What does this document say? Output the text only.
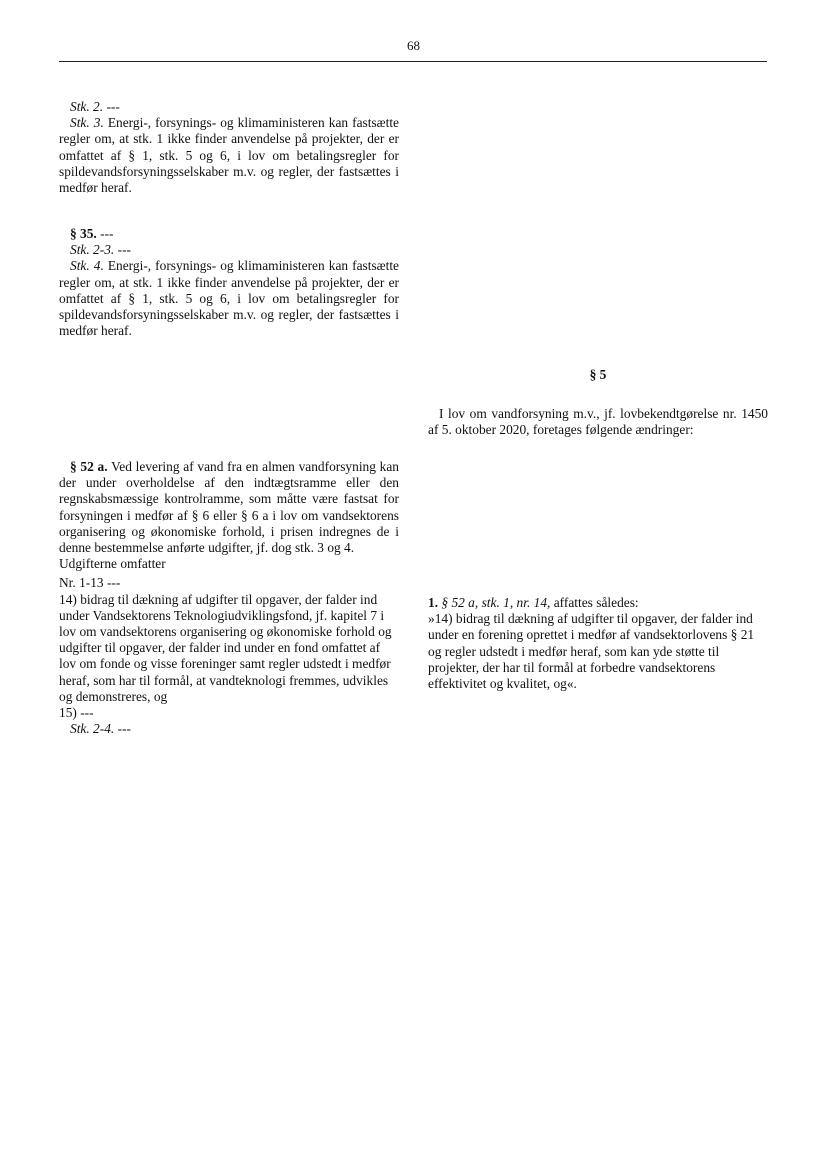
68
Stk. 2. ---
Stk. 3. Energi-, forsynings- og klimaministeren kan fastsætte regler om, at stk. 1 ikke finder anvendelse på projekter, der er omfattet af § 1, stk. 5 og 6, i lov om betalingsregler for spildevandsforsyningsselskaber m.v. og regler, der fastsættes i medfør heraf.
§ 35. ---
Stk. 2-3. ---
Stk. 4. Energi-, forsynings- og klimaministeren kan fastsætte regler om, at stk. 1 ikke finder anvendelse på projekter, der er omfattet af § 1, stk. 5 og 6, i lov om betalingsregler for spildevandsforsyningsselskaber m.v. og regler, der fastsættes i medfør heraf.
§ 52 a. Ved levering af vand fra en almen vandforsyning kan der under overholdelse af den indtægtsramme eller den regnskabsmæssige kontrolramme, som måtte være fastsat for forsyningen i medfør af § 6 eller § 6 a i lov om vandsektorens organisering og økonomiske forhold, i prisen indregnes de i denne bestemmelse anførte udgifter, jf. dog stk. 3 og 4.
Udgifterne omfatter
Nr. 1-13 ---
14) bidrag til dækning af udgifter til opgaver, der falder ind under Vandsektorens Teknologiudviklingsfond, jf. kapitel 7 i lov om vandsektorens organisering og økonomiske forhold og udgifter til opgaver, der falder ind under en fond omfattet af lov om fonde og visse foreninger samt regler udstedt i medfør heraf, som har til formål, at vandteknologi fremmes, udvikles og demonstreres, og
15) ---
Stk. 2-4. ---
§ 5
I lov om vandforsyning m.v., jf. lovbekendtgørelse nr. 1450 af 5. oktober 2020, foretages følgende ændringer:
1. § 52 a, stk. 1, nr. 14, affattes således:
»14) bidrag til dækning af udgifter til opgaver, der falder ind under en forening oprettet i medfør af vandsektorlovens § 21 og regler udstedt i medfør heraf, som kan yde støtte til projekter, der har til formål at forbedre vandsektorens effektivitet og kvalitet, og«.
